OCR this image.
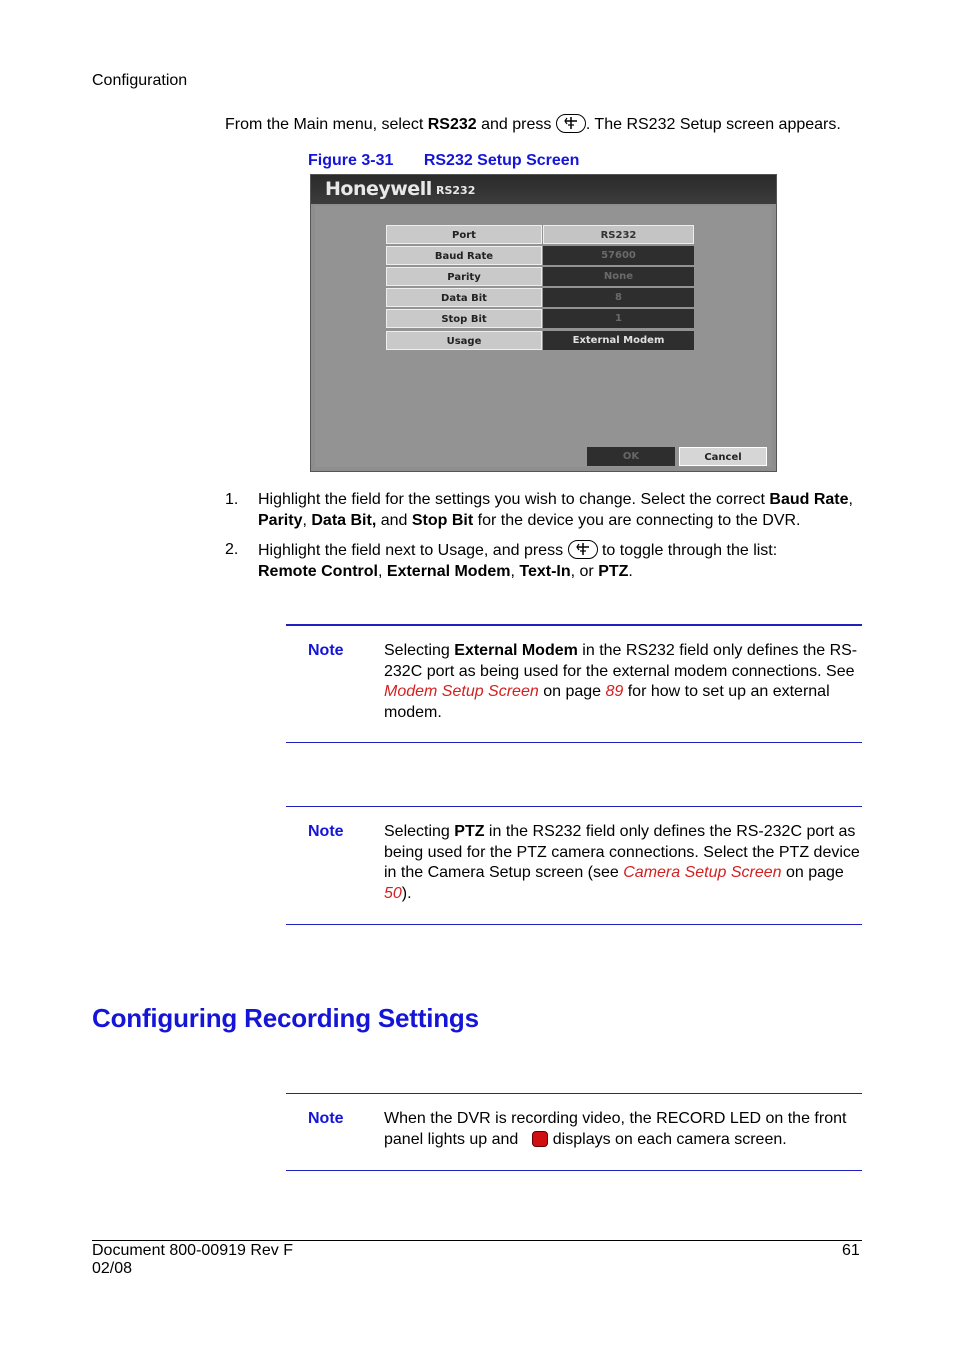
Configuration
From the Main menu, select RS232 and press
. The RS232 Setup screen appears.
Figure 3-31 RS232 Setup Screen
Honeywell RS232
Port	RS232
Baud Rate	57600
Parity	None
Data Bit	8
Stop Bit	1
Usage	External Modem
OK	Cancel
1. Highlight the field for the settings you wish to change. Select the correct Baud Rate, Parity, Data Bit, and Stop Bit for the device you are connecting to the DVR.
2. Highlight the field next to Usage, and press
to toggle through the list:
Remote Control, External Modem, Text-In, or PTZ.
Note	Selecting External Modem in the RS232 field only defines the RS-232C port as being used for the external modem connections. See Modem Setup Screen on page 89 for how to set up an external modem.
Note	Selecting PTZ in the RS232 field only defines the RS-232C port as being used for the PTZ camera connections. Select the PTZ device in the Camera Setup screen (see Camera Setup Screen on page 50).
Configuring Recording Settings
Note	When the DVR is recording video, the RECORD LED on the front panel lights up and displays on each camera screen.
Document 800-00919 Rev F
02/08
61
